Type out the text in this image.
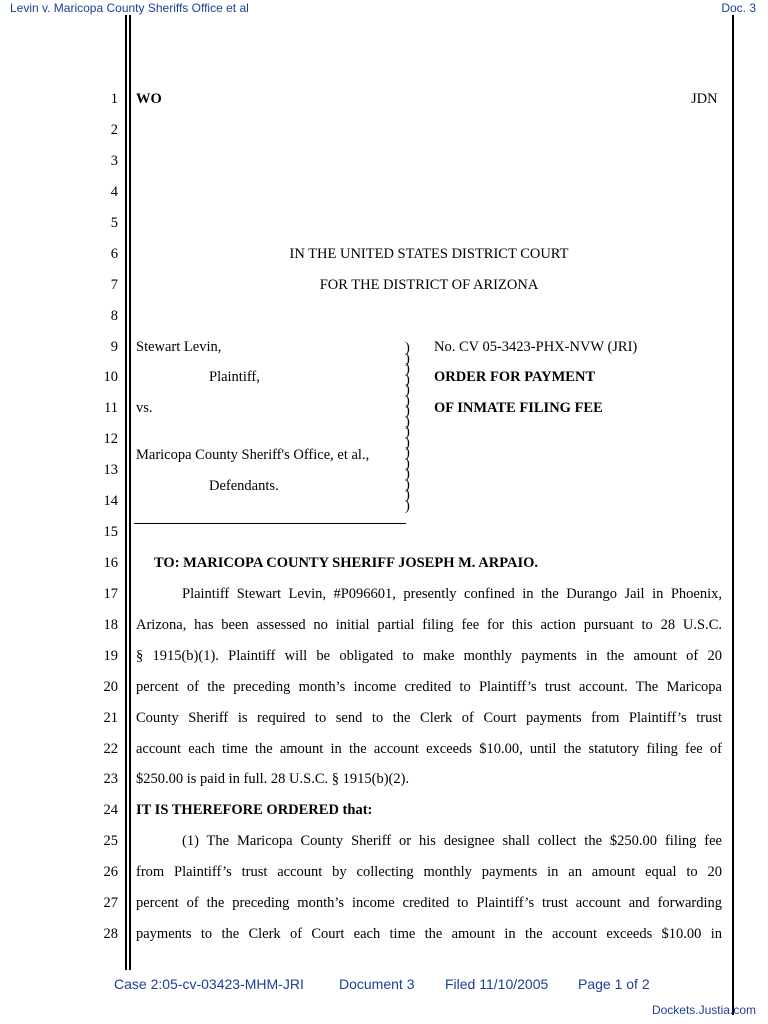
Levin v. Maricopa County Sheriffs Office et al	Doc. 3
1
2
3
4
5
6
7
8
9
10
11
12
13
14
15
16
17
18
19
20
21
22
23
24
25
26
27
28
WO	JDN
IN THE UNITED STATES DISTRICT COURT
FOR THE DISTRICT OF ARIZONA
Stewart Levin,
Plaintiff,
vs.
Maricopa County Sheriff's Office, et al.,
Defendants.
)
)
)
)
)
)
)
)
)
)
)
)
)
)
)
)
No. CV 05-3423-PHX-NVW (JRI)
ORDER FOR PAYMENT
OF INMATE FILING FEE
TO: MARICOPA COUNTY SHERIFF JOSEPH M. ARPAIO.
Plaintiff Stewart Levin, #P096601, presently confined in the Durango Jail in Phoenix,
Arizona, has been assessed no initial partial filing fee for this action pursuant to 28 U.S.C.
§ 1915(b)(1). Plaintiff will be obligated to make monthly payments in the amount of 20
percent of the preceding month’s income credited to Plaintiff’s trust account. The Maricopa
County Sheriff is required to send to the Clerk of Court payments from Plaintiff’s trust
account each time the amount in the account exceeds $10.00, until the statutory filing fee of
$250.00 is paid in full. 28 U.S.C. § 1915(b)(2).
IT IS THEREFORE ORDERED that:
(1) The Maricopa County Sheriff or his designee shall collect the $250.00 filing fee
from Plaintiff’s trust account by collecting monthly payments in an amount equal to 20
percent of the preceding month’s income credited to Plaintiff’s trust account and forwarding
payments to the Clerk of Court each time the amount in the account exceeds $10.00 in
Case 2:05-cv-03423-MHM-JRI	Document 3 Filed 11/10/2005 Page 1 of 2
Dockets.Justia.com
